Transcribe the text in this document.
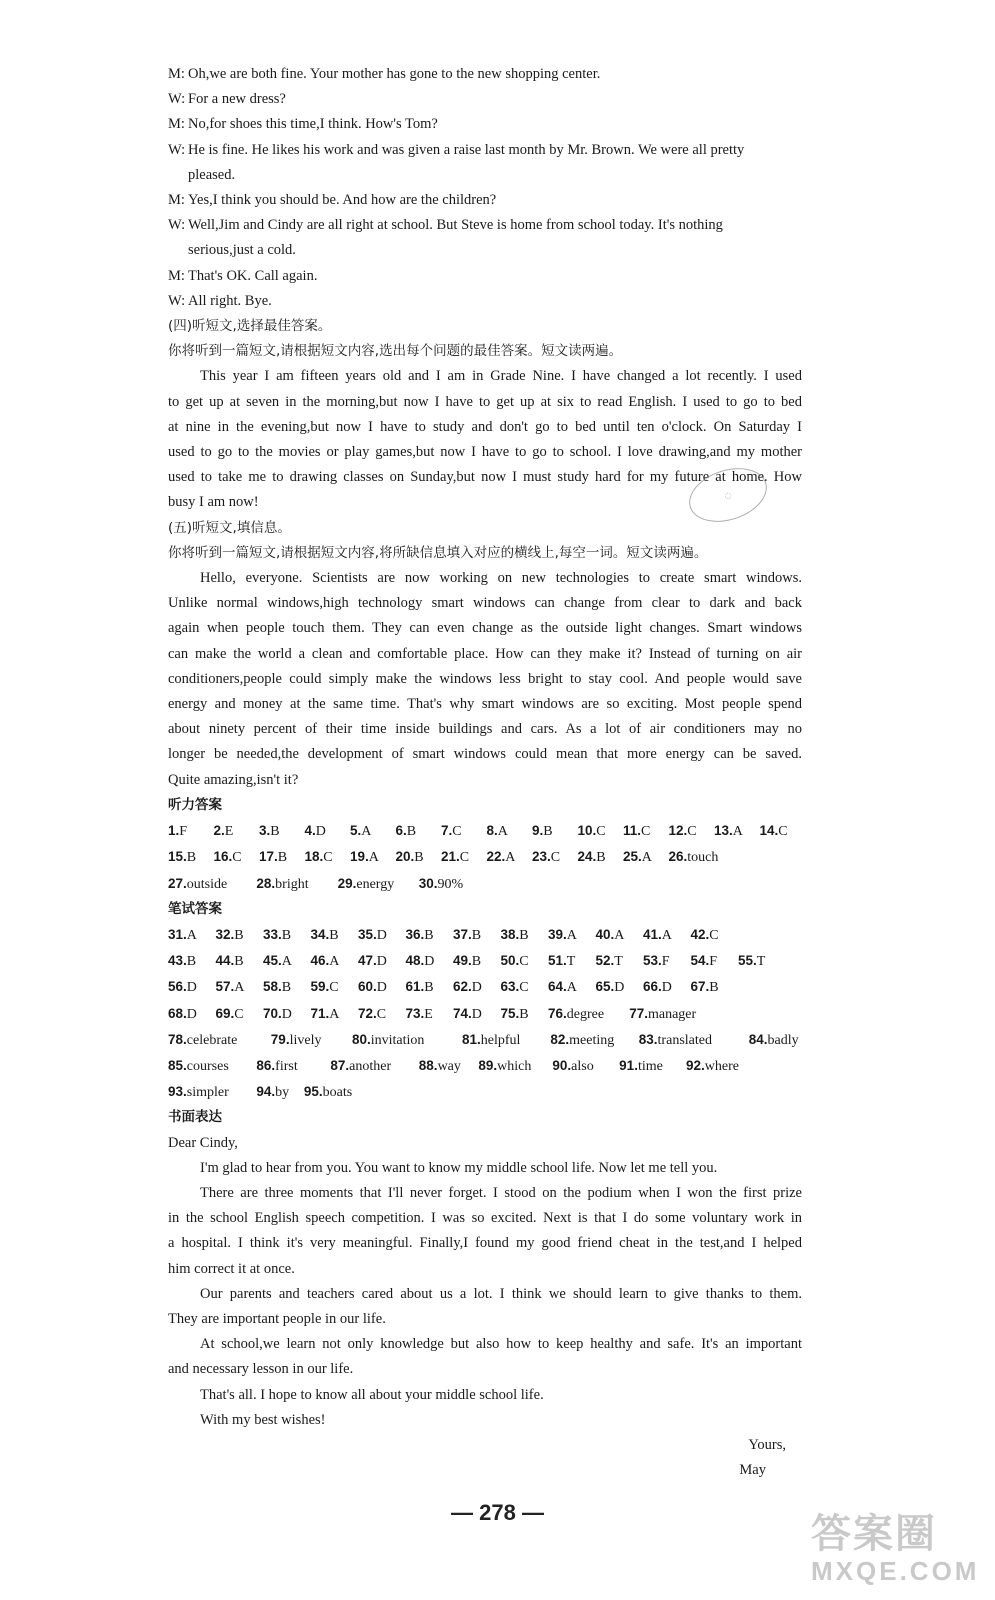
M: Oh,we are both fine. Your mother has gone to the new shopping center.
W: For a new dress?
M: No,for shoes this time,I think. How's Tom?
W: He is fine. He likes his work and was given a raise last month by Mr. Brown. We were all pretty
pleased.
M: Yes,I think you should be. And how are the children?
W: Well,Jim and Cindy are all right at school. But Steve is home from school today. It's nothing
serious,just a cold.
M: That's OK. Call again.
W: All right. Bye.
(四)听短文,选择最佳答案。
你将听到一篇短文,请根据短文内容,选出每个问题的最佳答案。短文读两遍。
This year I am fifteen years old and I am in Grade Nine. I have changed a lot recently. I used
to get up at seven in the morning,but now I have to get up at six to read English. I used to go to bed
at nine in the evening,but now I have to study and don't go to bed until ten o'clock. On Saturday I
used to go to the movies or play games,but now I have to go to school. I love drawing,and my mother
used to take me to drawing classes on Sunday,but now I must study hard for my future at home. How
busy I am now!
(五)听短文,填信息。
你将听到一篇短文,请根据短文内容,将所缺信息填入对应的横线上,每空一词。短文读两遍。
Hello, everyone. Scientists are now working on new technologies to create smart windows.
Unlike normal windows,high technology smart windows can change from clear to dark and back
again when people touch them. They can even change as the outside light changes. Smart windows
can make the world a clean and comfortable place. How can they make it? Instead of turning on air
conditioners,people could simply make the windows less bright to stay cool. And people would save
energy and money at the same time. That's why smart windows are so exciting. Most people spend
about ninety percent of their time inside buildings and cars. As a lot of air conditioners may no
longer be needed,the development of smart windows could mean that more energy can be saved.
Quite amazing,isn't it?
听力答案
1.F	2.E	3.B	4.D	5.A	6.B	7.C	8.A	9.B	10.C	11.C	12.C	13.A	14.C
15.B	16.C	17.B	18.C	19.A	20.B	21.C	22.A	23.C	24.B	25.A	26.touch
27.outside	28.bright	29.energy	30.90%
笔试答案
31.A	32.B	33.B	34.B	35.D	36.B	37.B	38.B	39.A	40.A	41.A	42.C
43.B	44.B	45.A	46.A	47.D	48.D	49.B	50.C	51.T	52.T	53.F	54.F	55.T
56.D	57.A	58.B	59.C	60.D	61.B	62.D	63.C	64.A	65.D	66.D	67.B
68.D	69.C	70.D	71.A	72.C	73.E	74.D	75.B	76.degree	77.manager
78.celebrate	79.lively	80.invitation	81.helpful	82.meeting	83.translated	84.badly
85.courses	86.first	87.another	88.way	89.which	90.also	91.time	92.where
93.simpler	94.by	95.boats
书面表达
Dear Cindy,
I'm glad to hear from you. You want to know my middle school life. Now let me tell you.
There are three moments that I'll never forget. I stood on the podium when I won the first prize
in the school English speech competition. I was so excited. Next is that I do some voluntary work in
a hospital. I think it's very meaningful. Finally,I found my good friend cheat in the test,and I helped
him correct it at once.
Our parents and teachers cared about us a lot. I think we should learn to give thanks to them.
They are important people in our life.
At school,we learn not only knowledge but also how to keep healthy and safe. It's an important
and necessary lesson in our life.
That's all. I hope to know all about your middle school life.
With my best wishes!
Yours,
May
◌
— 278 —	答案圈
MXQE.COM
